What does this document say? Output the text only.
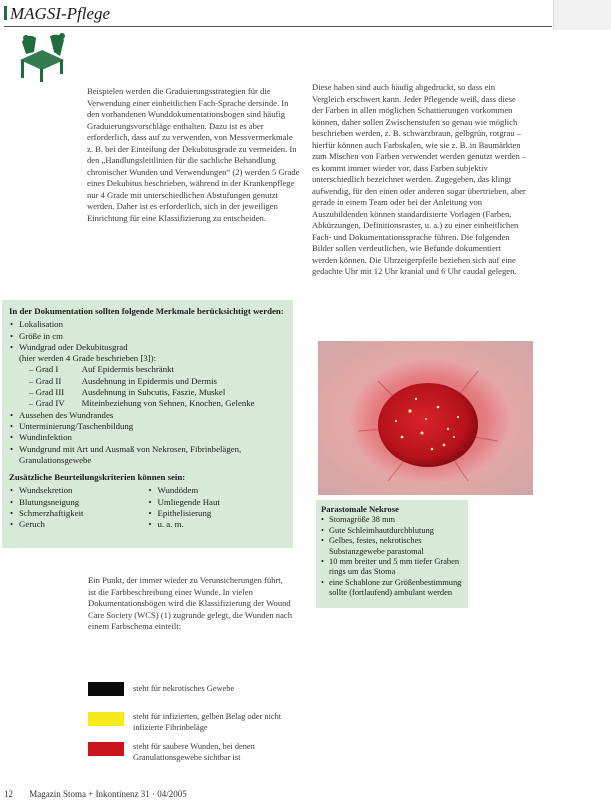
MAGSI-Pflege

Beispielen werden die Graduierungsstrategien für die Verwendung einer einheitlichen Fach-Sprache dersinde. In den vorhandenen Wunddokumentationsbogen sind häufig Graduierungsvorschläge enthalten. Dazu ist es aber erforderlich, dass auf zu verwenden, von Messvermerkmale z. B. bei der Einteilung der Dekubitusgrade zu vermeiden. In den „Handlungsleitlinien für die sachliche Behandlung chronischer Wunden und Verwendungen“ (2) werden 5 Grade eines Dekubitus beschrieben, während in der Krankenpflege nur 4 Grade mit unterschiedlichen Abstufungen genutzt werden. Daher ist es erforderlich, sich in der jeweiligen Einrichtung für eine Klassifizierung zu entscheiden.

Diese haben sind auch häufig abgedruckt, so dass ein Vergleich erschwert kann. Jeder Pflegende weiß, dass diese der Farben in allen möglichen Schattierungen vorkommen können, daher sollen Zwischenstufen so genau wie möglich beschrieben werden, z. B. schwarzbraun, gelbgrün, rotgrau – hierfür können auch Farbskalen, wie sie z. B. in Baumärkten zum Mischen von Farben verwendet werden genutzt werden – es kommt immer wieder vor, dass Farben subjektiv unterschiedlich bezeichnet werden. Zugegeben, das klingt aufwendig, für den einen oder anderen sogar übertrieben, aber gerade in einem Team oder bei der Anleitung von Auszubildenden können standardisierte Vorlagen (Farben, Abkürzungen, Definitionsraster, u. a.) zu einer einheitlichen Fach- und Dokumentationssprache führen. Die folgenden Bilder sollen verdeutlichen, wie Befunde dokumentiert werden können. Die Uhrzeigerpfeile beziehen sich auf eine gedachte Uhr mit 12 Uhr kranial und 6 Uhr caudal gelegen.

In der Dokumentation sollten folgende Merkmale berücksichtigt werden:
• Lokalisation
• Größe in cm
• Wundgrad oder Dekubitusgrad
(hier werden 4 Grade beschrieben [3]):
– Grad I	Auf Epidermis beschränkt
– Grad II Ausdehnung in Epidermis und Dermis
– Grad III Ausdehnung in Subcutis, Faszie, Muskel
– Grad IV Miteinbeziehung von Sehnen, Knochen, Gelenke
• Aussehen des Wundrandes
• Unterminierung/Taschenbildung
• Wundinfektion
• Wundgrund mit Art und Ausmaß von Nekrosen, Fibrinbelägen, Granulationsgewebe
Zusätzliche Beurteilungskriterien können sein:
• Wundsekretion	• Wundödem
• Blutungsneigung	• Umliegende Haut
• Schmerzhaftigkeit	• Epithelisierung
• Geruch	• u. a. m.
Parastomale Nekrose
• Stomagröße 38 mm
• Gute Schleimhautdurchblutung
• Gelbes, festes, nekrotisches Substanzgewebe parastomal
• 10 mm breiter und 5 mm tiefer Graben rings um das Stoma
• eine Schablone zur Größenbestimmung sollte (fortlaufend) ambulant werden

Ein Punkt, der immer wieder zu Verunsicherungen führt, ist die Farbbeschreibung einer Wunde. In vielen Dokumentationsbögen wird die Klassifizierung der Wound Care Society (WCS) (1) zugrunde gelegt, die Wunden nach einem Farbschema einteilt:

steht für nekrotisches Gewebe
steht für infizierten, gelben Belag oder nicht infizierte Fibrinbeläge
steht für saubere Wunden, bei denen Granulationsgewebe sichtbar ist
12 Magazin Stoma + Inkontinenz 31 · 04/2005
